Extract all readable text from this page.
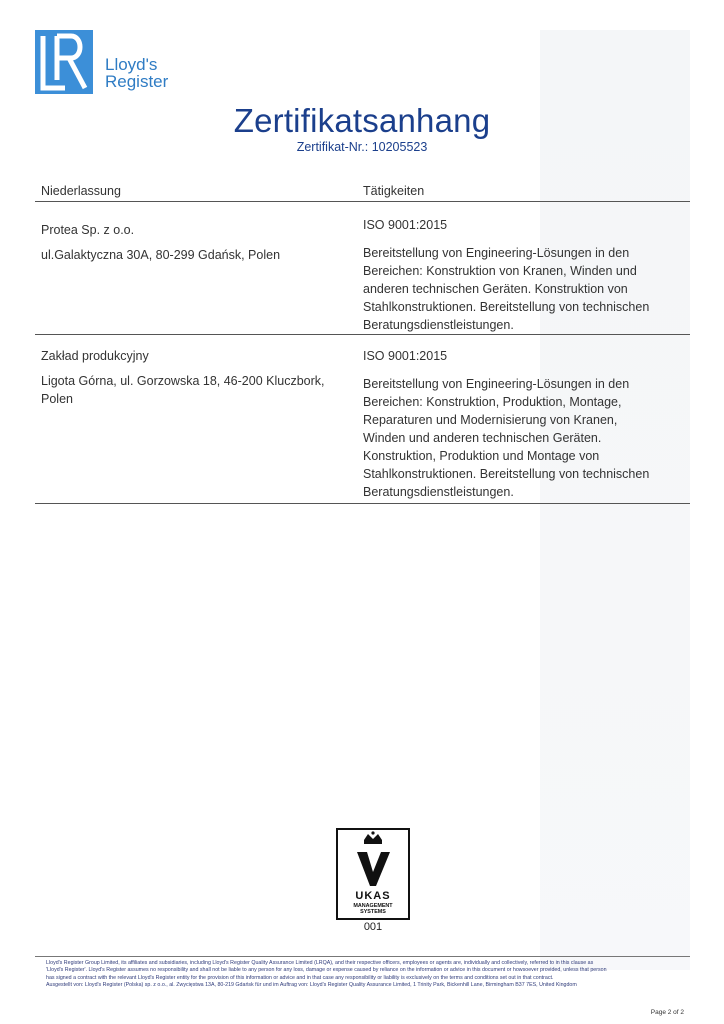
Lloyd's
Register
Zertifikatsanhang
Zertifikat-Nr.: 10205523
Niederlassung	Tätigkeiten
Protea Sp. z o.o.
ul.Galaktyczna 30A, 80-299 Gdańsk, Polen

ISO 9001:2015

Bereitstellung von Engineering-Lösungen in den Bereichen: Konstruktion von Kranen, Winden und anderen technischen Geräten. Konstruktion von Stahlkonstruktionen. Bereitstellung von technischen Beratungsdienstleistungen.

Zakład produkcyjny
Ligota Górna, ul. Gorzowska 18, 46-200 Kluczbork, Polen

ISO 9001:2015

Bereitstellung von Engineering-Lösungen in den Bereichen: Konstruktion, Produktion, Montage, Reparaturen und Modernisierung von Kranen, Winden und anderen technischen Geräten. Konstruktion, Produktion und Montage von Stahlkonstruktionen. Bereitstellung von technischen Beratungsdienstleistungen.

UKAS
MANAGEMENT
SYSTEMS
001

Lloyd's Register Group Limited, its affiliates and subsidiaries, including Lloyd's Register Quality Assurance Limited (LRQA), and their respective officers, employees or agents are, individually and collectively, referred to in this clause as

'Lloyd's Register'. Lloyd's Register assumes no responsibility and shall not be liable to any person for any loss, damage or expense caused by reliance on the information or advice in this document or howsoever provided, unless that person

has signed a contract with the relevant Lloyd's Register entity for the provision of this information or advice and in that case any responsibility or liability is exclusively on the terms and conditions set out in that contract.

Ausgestellt von: Lloyd's Register (Polska) sp. z o.o., al. Zwycięstwa 13A, 80-219 Gdańsk für und im Auftrag von: Lloyd's Register Quality Assurance Limited, 1 Trinity Park, Bickenhill Lane, Birmingham B37 7ES, United Kingdom

Page 2 of 2
